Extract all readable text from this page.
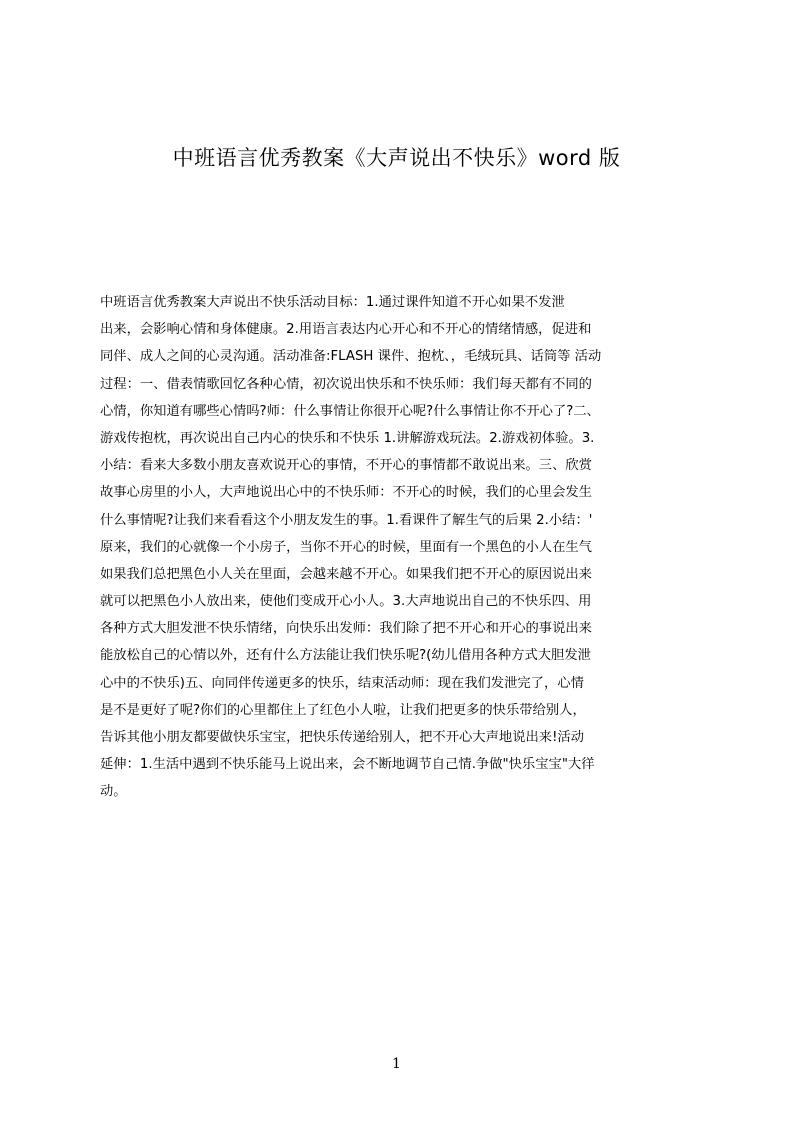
中班语言优秀教案《大声说出不快乐》word 版
中班语言优秀教案大声说出不快乐活动目标：1.通过课件知道不开心如果不发泄
出来，会影响心情和身体健康。2.用语言表达内心开心和不开心的情绪情感，促进和
同伴、成人之间的心灵沟通。活动准备:FLASH 课件、抱枕、，毛绒玩具、话筒等 活动
过程：一、借表情歌回忆各种心情，初次说出快乐和不快乐师：我们每天都有不同的
心情，你知道有哪些心情吗?师：什么事情让你很开心呢?什么事情让你不开心了?二、
游戏传抱枕，再次说出自己内心的快乐和不快乐 1.讲解游戏玩法。2.游戏初体验。3.
小结：看来大多数小朋友喜欢说开心的事情，不开心的事情都不敢说出来。三、欣赏
故事心房里的小人，大声地说出心中的不快乐师：不开心的时候，我们的心里会发生
什么事情呢?让我们来看看这个小朋友发生的事。1.看课件了解生气的后果 2.小结：'
原来，我们的心就像一个小房子，当你不开心的时候，里面有一个黑色的小人在生气
如果我们总把黑色小人关在里面，会越来越不开心。如果我们把不开心的原因说出来
就可以把黑色小人放出来，使他们变成开心小人。3.大声地说出自己的不快乐四、用
各种方式大胆发泄不快乐情绪，向快乐出发师：我们除了把不开心和开心的事说出来
能放松自己的心情以外，还有什么方法能让我们快乐呢?(幼儿借用各种方式大胆发泄
心中的不快乐)五、向同伴传递更多的快乐，结束活动师：现在我们发泄完了，心情
是不是更好了呢?你们的心里都住上了红色小人啦，让我们把更多的快乐带给别人，
告诉其他小朋友都要做快乐宝宝，把快乐传递给别人，把不开心大声地说出来!活动
延伸：1.生活中遇到不快乐能马上说出来，会不断地调节自己情.争做"快乐宝宝"大徉
动。
1
